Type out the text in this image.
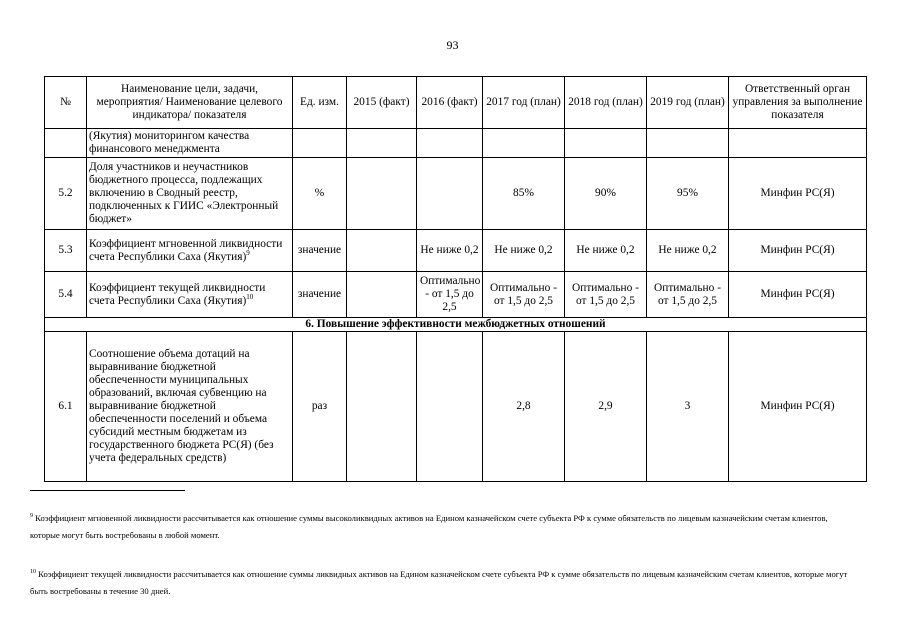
93
№	Наименование цели, задачи, мероприятия/ Наименование целевого индикатора/ показателя	Ед. изм.	2015 (факт)	2016 (факт)	2017 год (план)	2018 год (план)	2019 год (план)	Ответственный орган управления за выполнение показателя
	(Якутия) мониторингом качества финансового менеджмента							
5.2	Доля участников и неучастников бюджетного процесса, подлежащих включению в Сводный реестр, подключенных к ГИИС «Электронный бюджет»	%			85%	90%	95%	Минфин РС(Я)
5.3	Коэффициент мгновенной ликвидности счета Республики Саха (Якутия)$^9$	значение		Не ниже 0,2	Не ниже 0,2	Не ниже 0,2	Не ниже 0,2	Минфин РС(Я)
5.4	Коэффициент текущей ликвидности счета Республики Саха (Якутия)$^{10}$	значение		Оптимально - от 1,5 до 2,5	Оптимально - от 1,5 до 2,5	Оптимально - от 1,5 до 2,5	Оптимально - от 1,5 до 2,5	Минфин РС(Я)
6. Повышение эффективности межбюджетных отношений								
6.1	Соотношение объема дотаций на выравнивание бюджетной обеспеченности муниципальных образований, включая субвенцию на выравнивание бюджетной обеспеченности поселений и объема субсидий местным бюджетам из государственного бюджета РС(Я) (без учета федеральных средств)	раз			2,8	2,9	3	Минфин РС(Я)
$^9$ Коэффициент мгновенной ликвидности рассчитывается как отношение суммы высоколиквидных активов на Едином казначейском счете субъекта РФ к сумме обязательств по лицевым казначейским счетам клиентов, которые могут быть востребованы в любой момент.
$^{10}$ Коэффициент текущей ликвидности рассчитывается как отношение суммы ликвидных активов на Едином казначейском счете субъекта РФ к сумме обязательств по лицевым казначейским счетам клиентов, которые могут быть востребованы в течение 30 дней.
